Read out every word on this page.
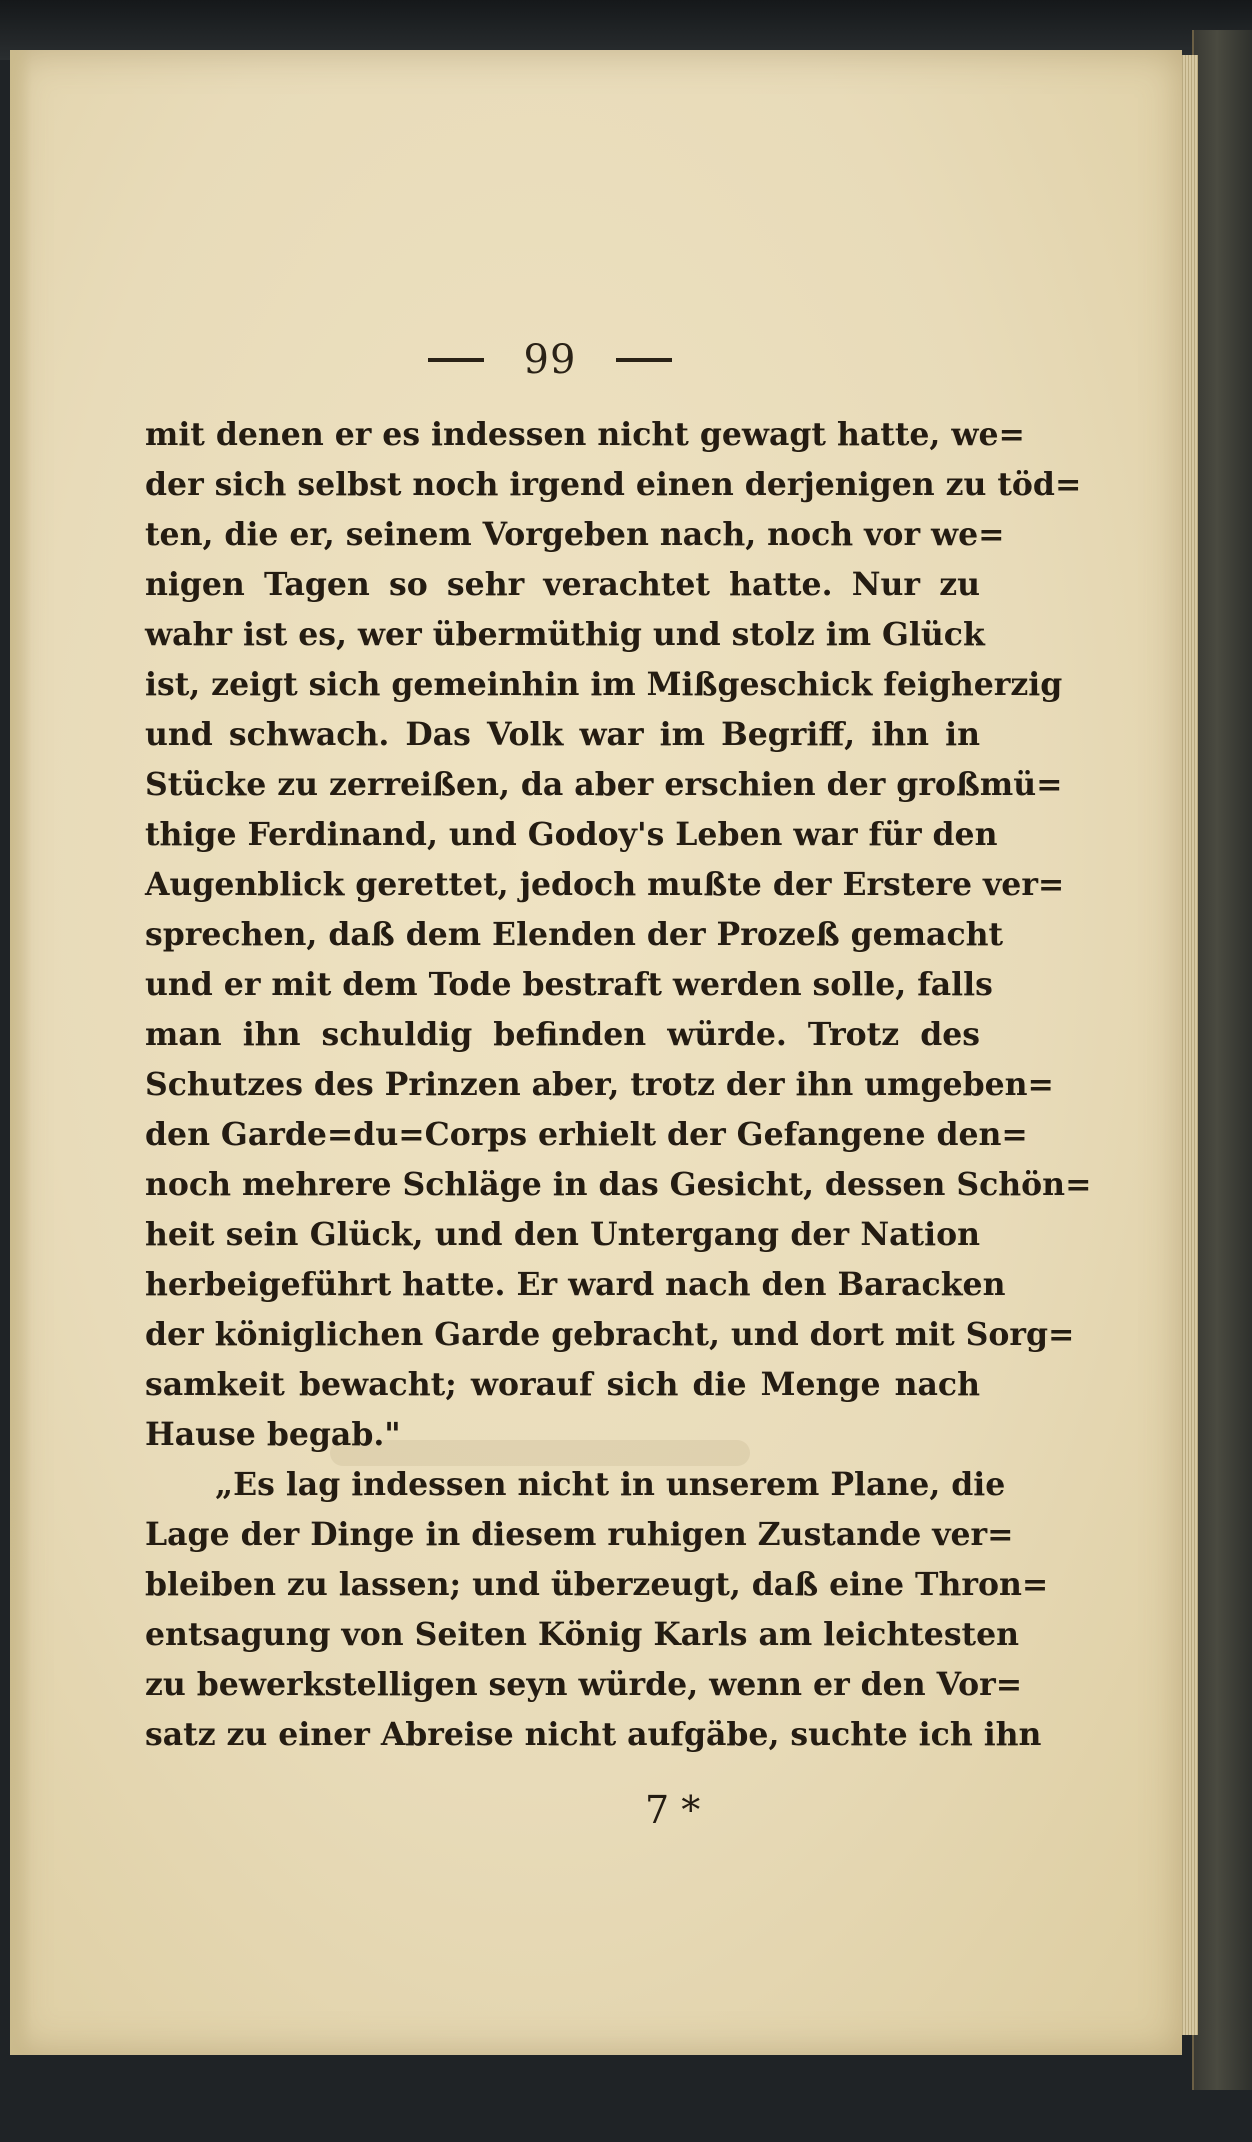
99
mit denen er es indessen nicht gewagt hatte, we=
der sich selbst noch irgend einen derjenigen zu töd=
ten, die er, seinem Vorgeben nach, noch vor we=
nigen Tagen so sehr verachtet hatte. Nur zu
wahr ist es, wer übermüthig und stolz im Glück
ist, zeigt sich gemeinhin im Mißgeschick feigherzig
und schwach. Das Volk war im Begriff, ihn in
Stücke zu zerreißen, da aber erschien der großmü=
thige Ferdinand, und Godoy's Leben war für den
Augenblick gerettet, jedoch mußte der Erstere ver=
sprechen, daß dem Elenden der Prozeß gemacht
und er mit dem Tode bestraft werden solle, falls
man ihn schuldig befinden würde. Trotz des
Schutzes des Prinzen aber, trotz der ihn umgeben=
den Garde=du=Corps erhielt der Gefangene den=
noch mehrere Schläge in das Gesicht, dessen Schön=
heit sein Glück, und den Untergang der Nation
herbeigeführt hatte. Er ward nach den Baracken
der königlichen Garde gebracht, und dort mit Sorg=
samkeit bewacht; worauf sich die Menge nach
Hause begab."
„Es lag indessen nicht in unserem Plane, die
Lage der Dinge in diesem ruhigen Zustande ver=
bleiben zu lassen; und überzeugt, daß eine Thron=
entsagung von Seiten König Karls am leichtesten
zu bewerkstelligen seyn würde, wenn er den Vor=
satz zu einer Abreise nicht aufgäbe, suchte ich ihn
7 *
